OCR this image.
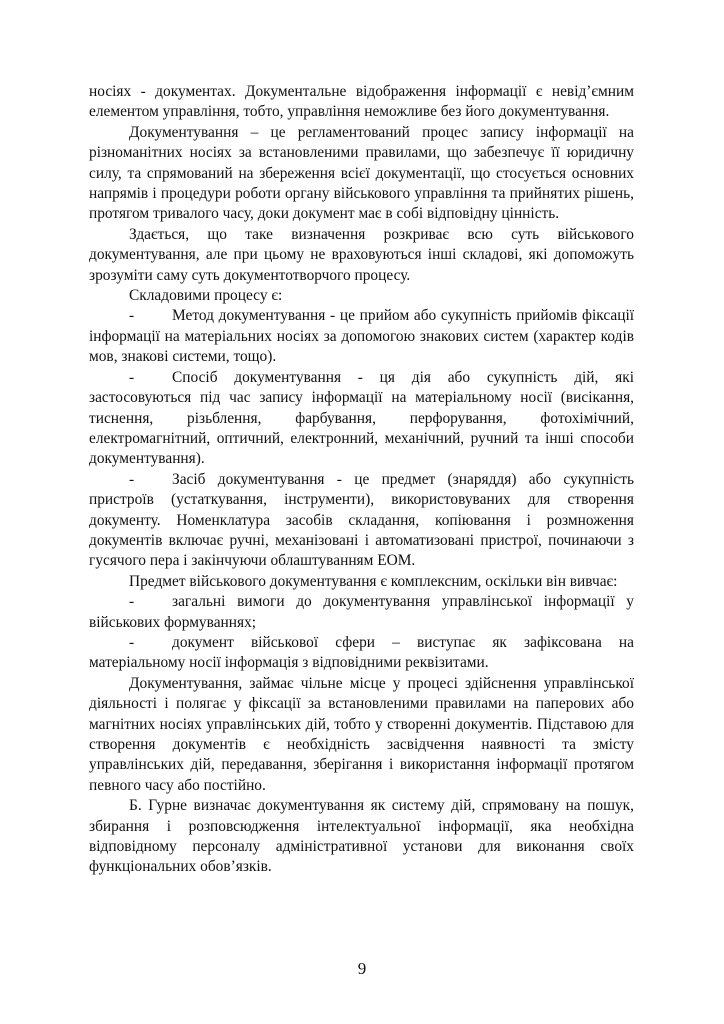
носіях - документах. Документальне відображення інформації є невід’ємним елементом управління, тобто, управління неможливе без його документування.

Документування – це регламентований процес запису інформації на різноманітних носіях за встановленими правилами, що забезпечує її юридичну силу, та спрямований на збереження всієї документації, що стосується основних напрямів і процедури роботи органу військового управління та прийнятих рішень, протягом тривалого часу, доки документ має в собі відповідну цінність.

Здається, що таке визначення розкриває всю суть військового документування, але при цьому не враховуються інші складові, які допоможуть зрозуміти саму суть документотворчого процесу.

Складовими процесу є:

- Метод документування - це прийом або сукупність прийомів фіксації інформації на матеріальних носіях за допомогою знакових систем (характер кодів мов, знакові системи, тощо).

- Спосіб документування - ця дія або сукупність дій, які застосовуються під час запису інформації на матеріальному носії (висікання, тиснення, різьблення, фарбування, перфорування, фотохімічний, електромагнітний, оптичний, електронний, механічний, ручний та інші способи документування).

- Засіб документування - це предмет (знаряддя) або сукупність пристроїв (устаткування, інструменти), використовуваних для створення документу. Номенклатура засобів складання, копіювання і розмноження документів включає ручні, механізовані і автоматизовані пристрої, починаючи з гусячого пера і закінчуючи облаштуванням ЕОМ.

Предмет військового документування є комплексним, оскільки він вивчає:

- загальні вимоги до документування управлінської інформації у військових формуваннях;

- документ військової сфери – виступає як зафіксована на матеріальному носії інформація з відповідними реквізитами.

Документування, займає чільне місце у процесі здійснення управлінської діяльності і полягає у фіксації за встановленими правилами на паперових або магнітних носіях управлінських дій, тобто у створенні документів. Підставою для створення документів є необхідність засвідчення наявності та змісту управлінських дій, передавання, зберігання і використання інформації протягом певного часу або постійно.

Б. Гурне визначає документування як систему дій, спрямовану на пошук, збирання і розповсюдження інтелектуальної інформації, яка необхідна відповідному персоналу адміністративної установи для виконання своїх функціональних обов’язків.

9
